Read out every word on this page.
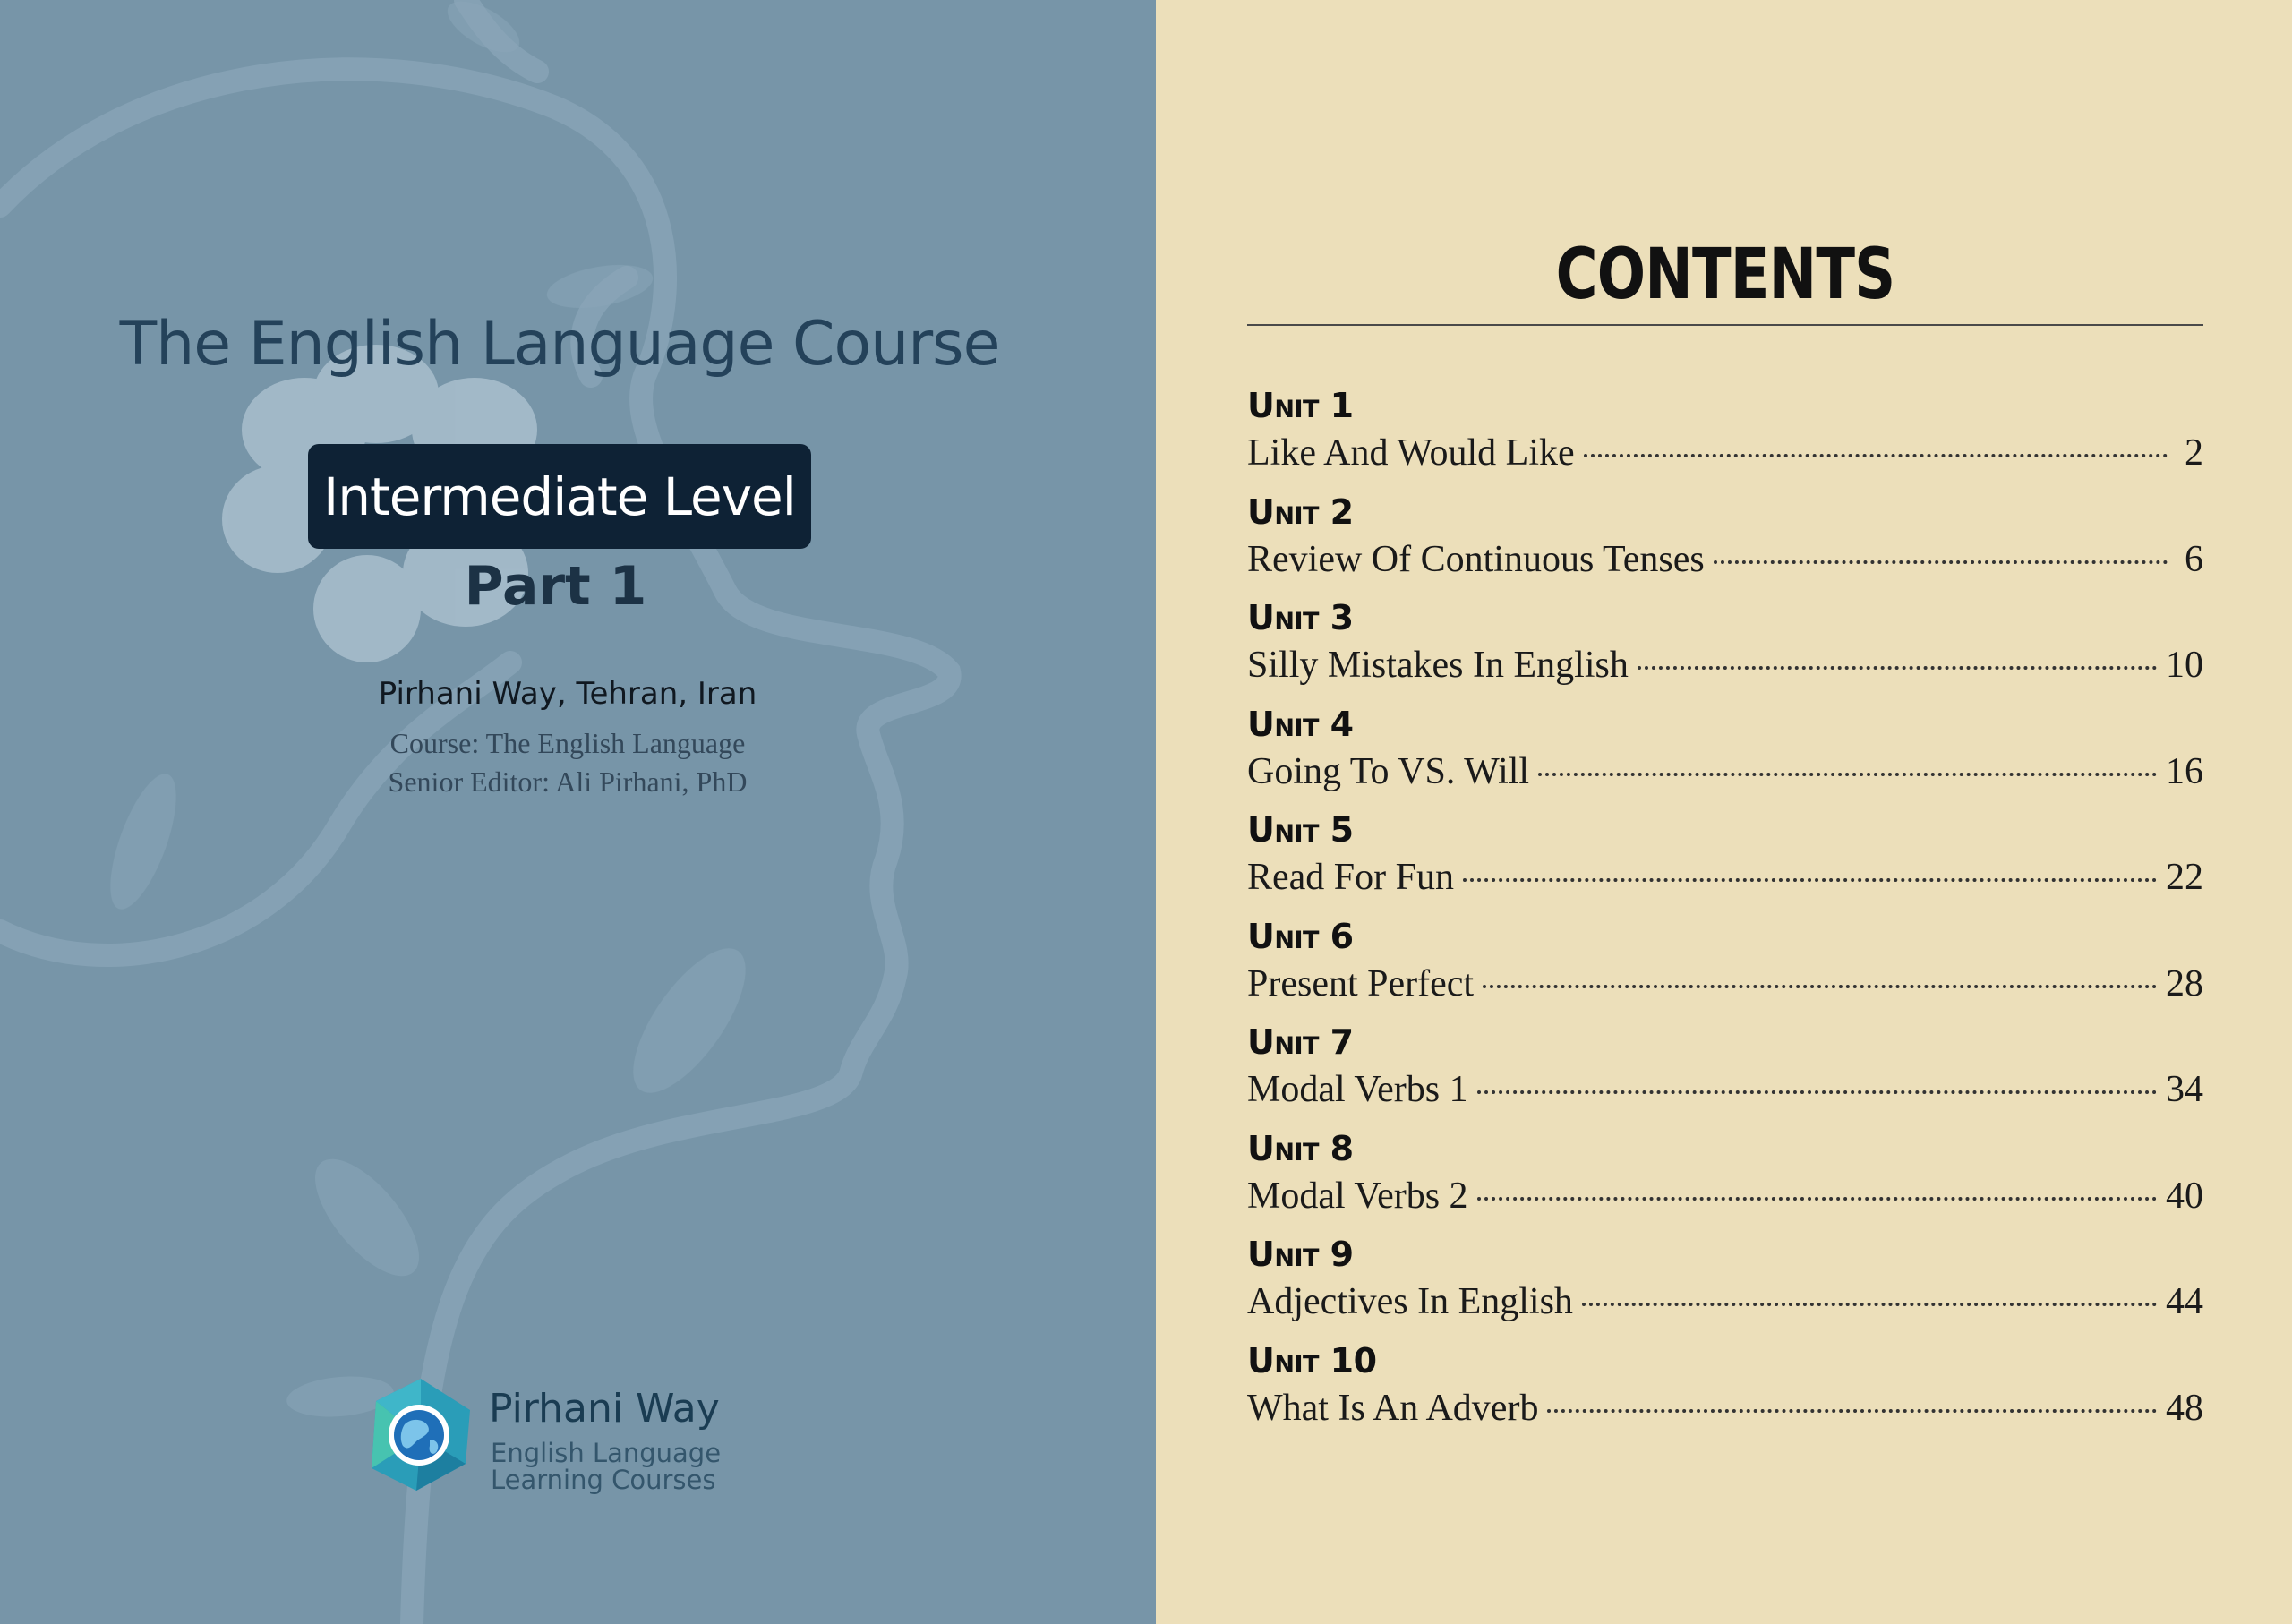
The English Language Course
Intermediate Level
Part 1
Pirhani Way, Tehran, Iran
Course: The English Language
Senior Editor: Ali Pirhani, PhD
Pirhani Way
English Language
Learning Courses
CONTENTS
Unit 1
Like And Would Like	2
Unit 2
Review Of Continuous Tenses	6
Unit 3
Silly Mistakes In English	10
Unit 4
Going To VS. Will	16
Unit 5
Read For Fun	22
Unit 6
Present Perfect	28
Unit 7
Modal Verbs 1	34
Unit 8
Modal Verbs 2	40
Unit 9
Adjectives In English	44
Unit 10
What Is An Adverb	48
